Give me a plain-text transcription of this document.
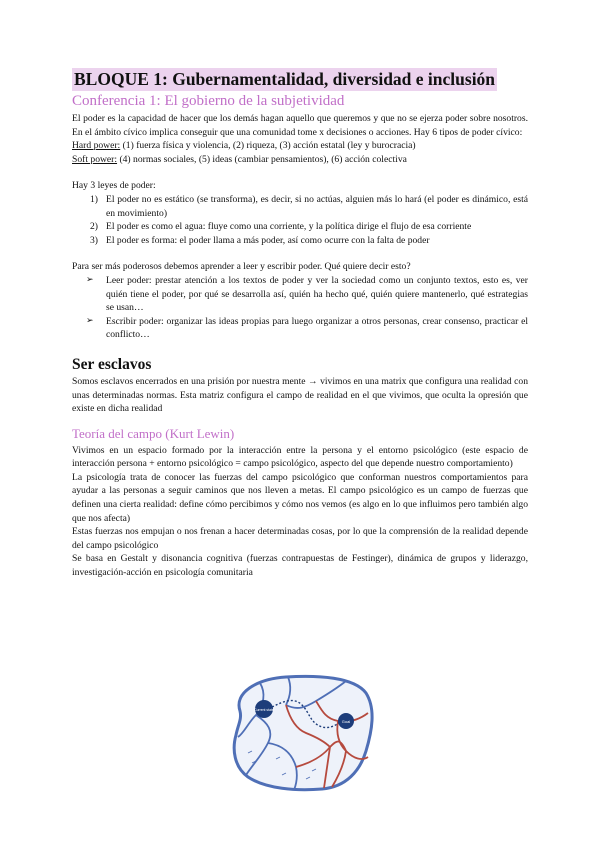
BLOQUE 1: Gubernamentalidad, diversidad e inclusión
Conferencia 1: El gobierno de la subjetividad

El poder es la capacidad de hacer que los demás hagan aquello que queremos y que no se ejerza poder sobre nosotros. En el ámbito cívico implica conseguir que una comunidad tome x decisiones o acciones. Hay 6 tipos de poder cívico:

Hard power: (1) fuerza física y violencia, (2) riqueza, (3) acción estatal (ley y burocracia)

Soft power: (4) normas sociales, (5) ideas (cambiar pensamientos), (6) acción colectiva

Hay 3 leyes de poder:

1) El poder no es estático (se transforma), es decir, si no actúas, alguien más lo hará (el poder es dinámico, está en movimiento)
2) El poder es como el agua: fluye como una corriente, y la política dirige el flujo de esa corriente
3) El poder es forma: el poder llama a más poder, así como ocurre con la falta de poder

Para ser más poderosos debemos aprender a leer y escribir poder. Qué quiere decir esto?

➢ Leer poder: prestar atención a los textos de poder y ver la sociedad como un conjunto textos, esto es, ver quién tiene el poder, por qué se desarrolla así, quién ha hecho qué, quién quiere mantenerlo, qué estrategias se usan…
➢ Escribir poder: organizar las ideas propias para luego organizar a otros personas, crear consenso, practicar el conflicto…
Ser esclavos

Somos esclavos encerrados en una prisión por nuestra mente → vivimos en una matrix que configura una realidad con unas determinadas normas. Esta matriz configura el campo de realidad en el que vivimos, que oculta la opresión que existe en dicha realidad

Teoría del campo (Kurt Lewin)

Vivimos en un espacio formado por la interacción entre la persona y el entorno psicológico (este espacio de interacción persona + entorno psicológico = campo psicológico, aspecto del que depende nuestro comportamiento)

La psicología trata de conocer las fuerzas del campo psicológico que conforman nuestros comportamientos para ayudar a las personas a seguir caminos que nos lleven a metas. El campo psicológico es un campo de fuerzas que definen una cierta realidad: define cómo percibimos y cómo nos vemos (es algo en lo que influimos pero también algo que nos afecta)

Estas fuerzas nos empujan o nos frenan a hacer determinadas cosas, por lo que la comprensión de la realidad depende del campo psicológico

Se basa en Gestalt y disonancia cognitiva (fuerzas contrapuestas de Festinger), dinámica de grupos y liderazgo, investigación-acción en psicología comunitaria

Current state
Goal
